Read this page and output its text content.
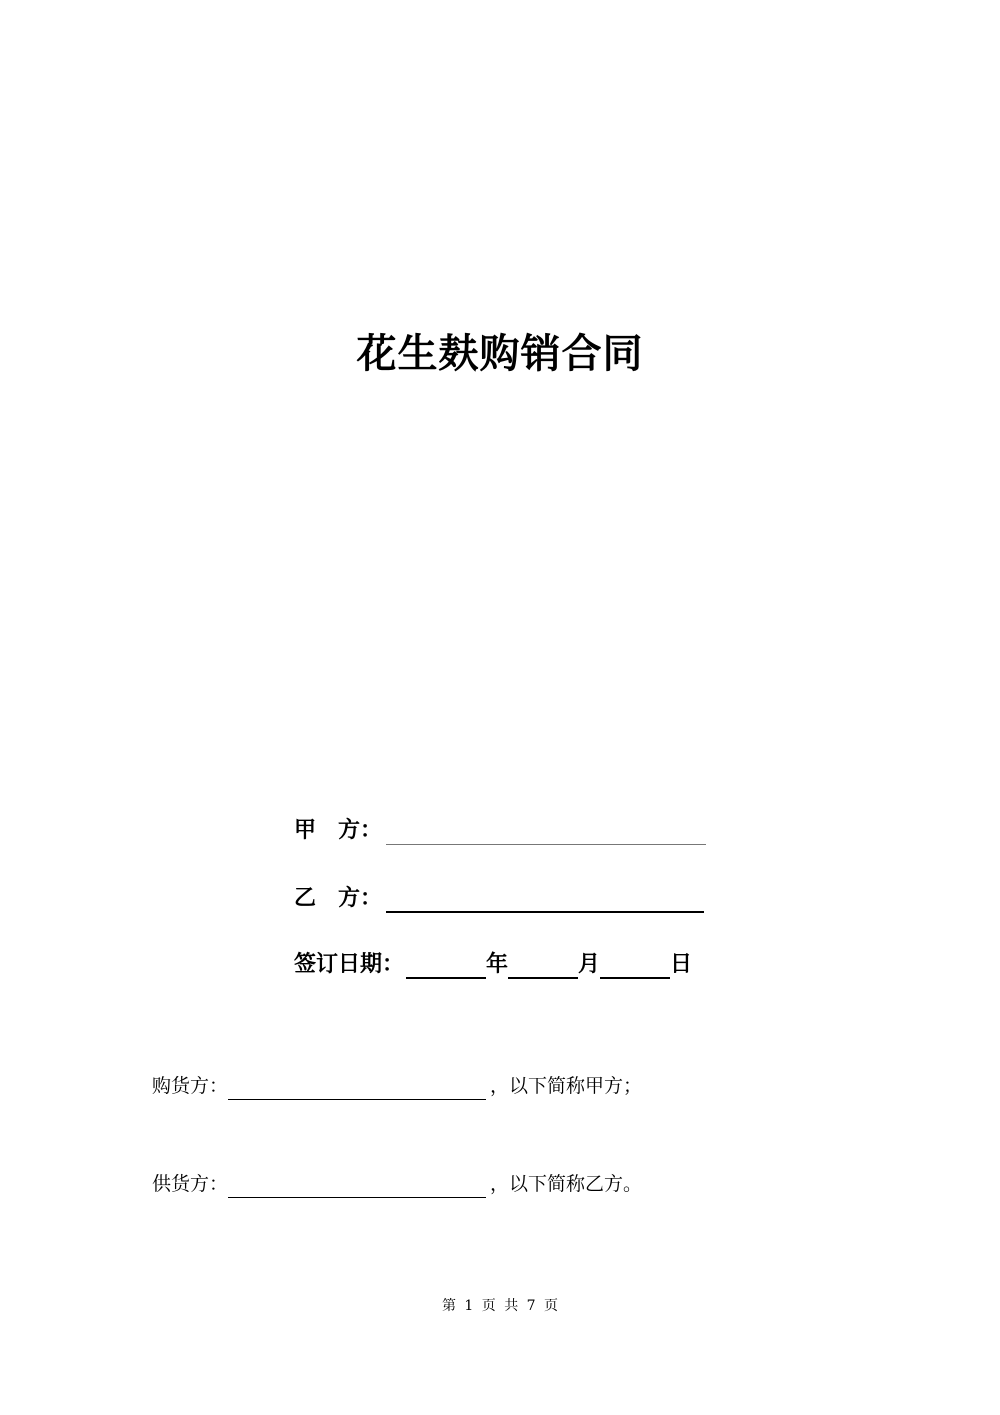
花生麸购销合同
甲 方：
乙 方：
签订日期：	年	月	日
购货方：	，以下简称甲方；
供货方：	，以下简称乙方。
第 1 页 共 7 页
